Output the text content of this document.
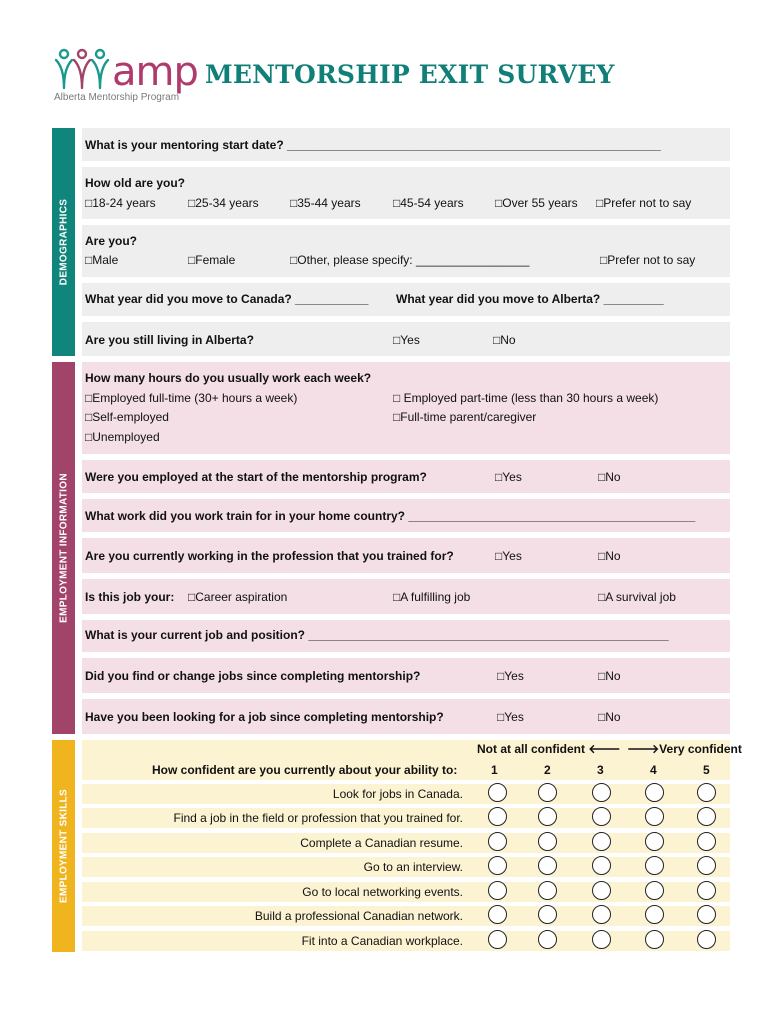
amp
Alberta Mentorship Program
MENTORSHIP EXIT SURVEY
DEMOGRAPHICS
EMPLOYMENT INFORMATION
EMPLOYMENT SKILLS
What is your mentoring start date? ________________________________________________________
How old are you?
□18-24 years	□25-34 years	□35-44 years	□45-54 years	□Over 55 years □Prefer not to say
Are you?
□Male	□Female	□Other, please specify: _________________	□Prefer not to say
What year did you move to Canada? ___________ What year did you move to Alberta? _________
Are you still living in Alberta?	□Yes	□No
How many hours do you usually work each week?
□Employed full-time (30+ hours a week)	□ Employed part-time (less than 30 hours a week)
□Self-employed	□Full-time parent/caregiver
□Unemployed
Were you employed at the start of the mentorship program?	□Yes	□No
What work did you work train for in your home country? ___________________________________________
Are you currently working in the profession that you trained for?	□Yes	□No
Is this job your: □Career aspiration	□A fulfilling job	□A survival job
What is your current job and position? ______________________________________________________
Did you find or change jobs since completing mentorship?	□Yes	□No
Have you been looking for a job since completing mentorship?	□Yes	□No
Not at all confident 🡐 🡒Very confident
How confident are you currently about your ability to:	1	2	3	4	5
Look for jobs in Canada.
Find a job in the field or profession that you trained for.
Complete a Canadian resume.
Go to an interview.
Go to local networking events.
Build a professional Canadian network.
Fit into a Canadian workplace.
